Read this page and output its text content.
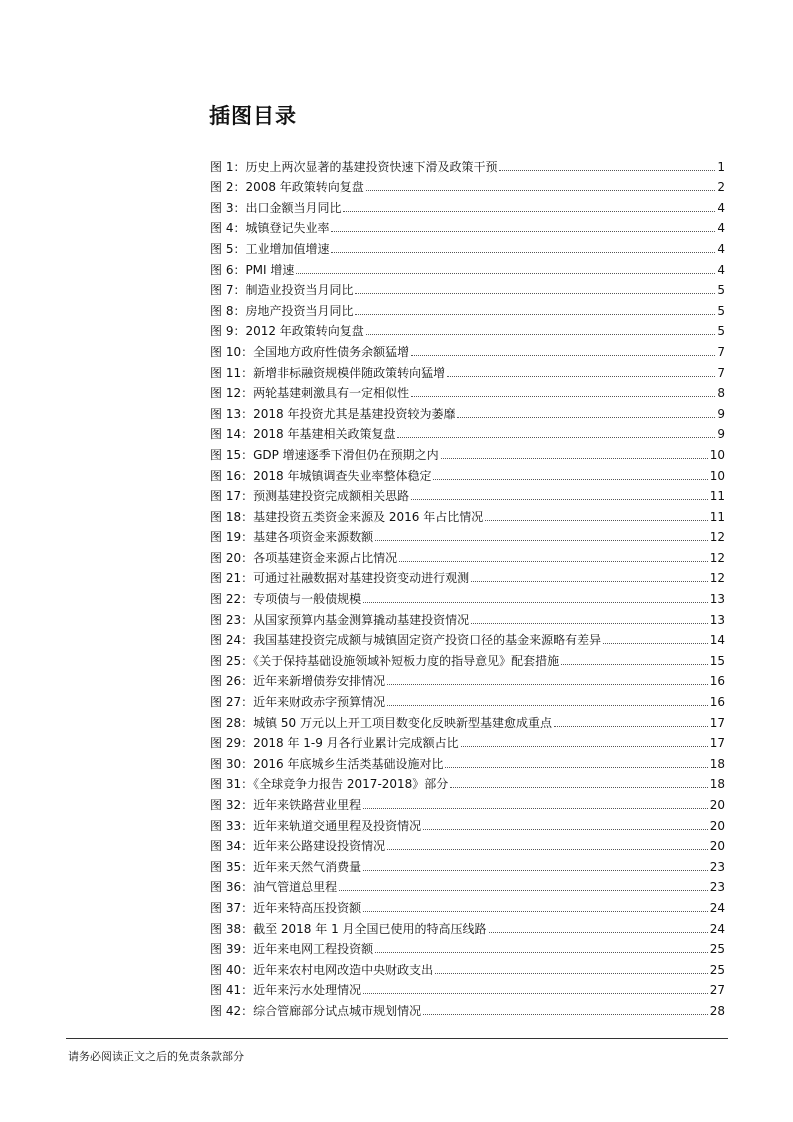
插图目录
图 1：历史上两次显著的基建投资快速下滑及政策干预	1
图 2：2008 年政策转向复盘	2
图 3：出口金额当月同比	4
图 4：城镇登记失业率	4
图 5：工业增加值增速	4
图 6：PMI 增速	4
图 7：制造业投资当月同比	5
图 8：房地产投资当月同比	5
图 9：2012 年政策转向复盘	5
图 10：全国地方政府性债务余额猛增	7
图 11：新增非标融资规模伴随政策转向猛增	7
图 12：两轮基建刺激具有一定相似性	8
图 13：2018 年投资尤其是基建投资较为萎靡	9
图 14：2018 年基建相关政策复盘	9
图 15：GDP 增速逐季下滑但仍在预期之内	10
图 16：2018 年城镇调查失业率整体稳定	10
图 17：预测基建投资完成额相关思路	11
图 18：基建投资五类资金来源及 2016 年占比情况	11
图 19：基建各项资金来源数额	12
图 20：各项基建资金来源占比情况	12
图 21：可通过社融数据对基建投资变动进行观测	12
图 22：专项债与一般债规模	13
图 23：从国家预算内基金测算撬动基建投资情况	13
图 24：我国基建投资完成额与城镇固定资产投资口径的基金来源略有差异	14
图 25：《关于保持基础设施领域补短板力度的指导意见》配套措施	15
图 26：近年来新增债券安排情况	16
图 27：近年来财政赤字预算情况	16
图 28：城镇 50 万元以上开工项目数变化反映新型基建愈成重点	17
图 29：2018 年 1-9 月各行业累计完成额占比	17
图 30：2016 年底城乡生活类基础设施对比	18
图 31：《全球竞争力报告 2017-2018》部分	18
图 32：近年来铁路营业里程	20
图 33：近年来轨道交通里程及投资情况	20
图 34：近年来公路建设投资情况	20
图 35：近年来天然气消费量	23
图 36：油气管道总里程	23
图 37：近年来特高压投资额	24
图 38：截至 2018 年 1 月全国已使用的特高压线路	24
图 39：近年来电网工程投资额	25
图 40：近年来农村电网改造中央财政支出	25
图 41：近年来污水处理情况	27
图 42：综合管廊部分试点城市规划情况	28
请务必阅读正文之后的免责条款部分
